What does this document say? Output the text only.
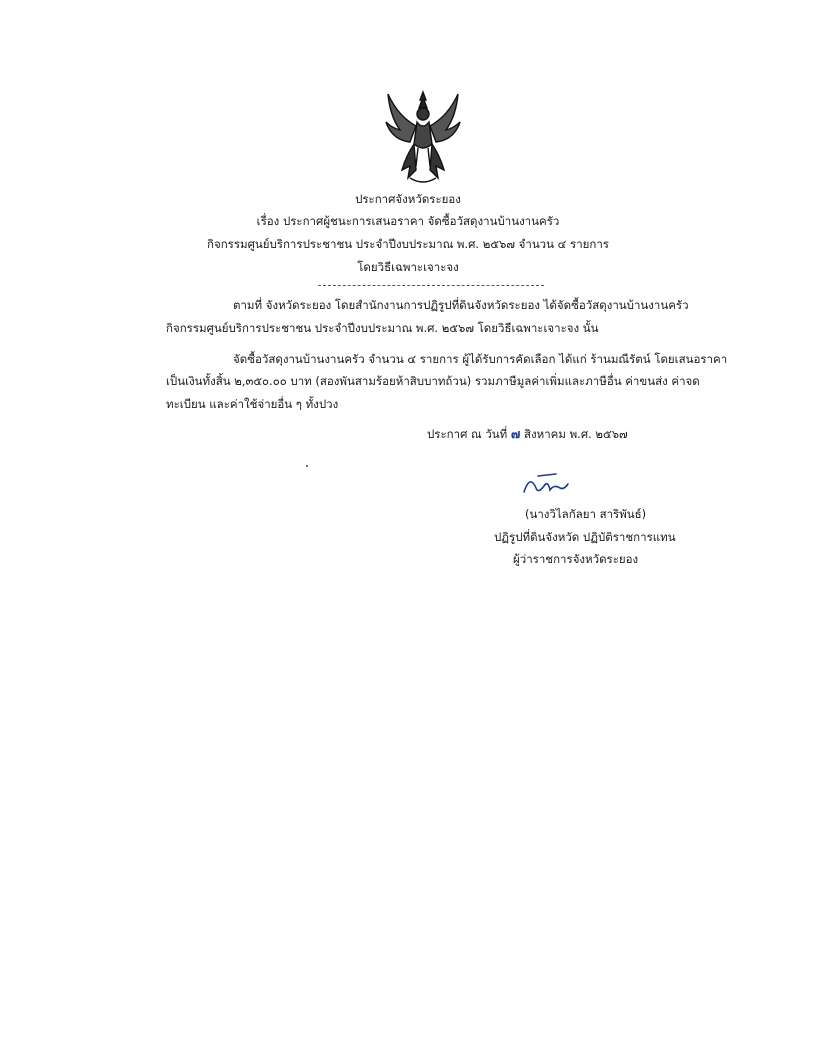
ประกาศจังหวัดระยอง
เรื่อง ประกาศผู้ชนะการเสนอราคา จัดซื้อวัสดุงานบ้านงานครัว
กิจกรรมศูนย์บริการประชาชน ประจำปีงบประมาณ พ.ศ. ๒๕๖๗ จำนวน ๔ รายการ
โดยวิธีเฉพาะเจาะจง
ตามที่ จังหวัดระยอง โดยสำนักงานการปฏิรูปที่ดินจังหวัดระยอง ได้จัดซื้อวัสดุงานบ้านงานครัว
กิจกรรมศูนย์บริการประชาชน ประจำปีงบประมาณ พ.ศ. ๒๕๖๗ โดยวิธีเฉพาะเจาะจง นั้น
จัดซื้อวัสดุงานบ้านงานครัว จำนวน ๔ รายการ ผู้ได้รับการคัดเลือก ได้แก่ ร้านมณีรัตน์ โดยเสนอราคา
เป็นเงินทั้งสิ้น ๒,๓๕๐.๐๐ บาท (สองพันสามร้อยห้าสิบบาทถ้วน) รวมภาษีมูลค่าเพิ่มและภาษีอื่น ค่าขนส่ง ค่าจด
ทะเบียน และค่าใช้จ่ายอื่น ๆ ทั้งปวง
ประกาศ ณ วันที่ ๗ สิงหาคม พ.ศ. ๒๕๖๗
(นางวิไลกัลยา สาริพันธ์)
ปฏิรูปที่ดินจังหวัด ปฏิบัติราชการแทน
ผู้ว่าราชการจังหวัดระยอง
